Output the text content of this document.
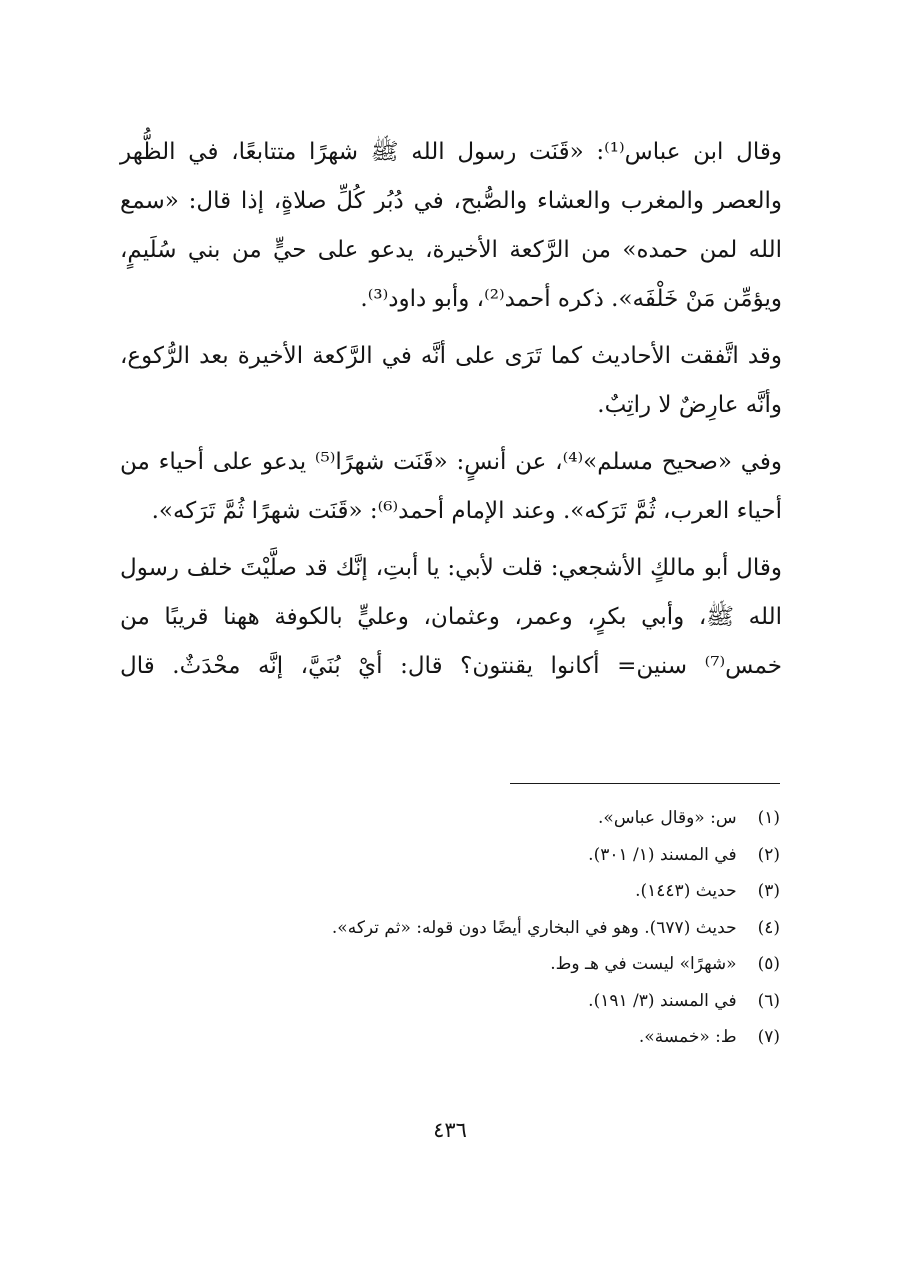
وقال ابن عباس⁽¹⁾: «قَنَت رسول الله ﷺ شهرًا متتابعًا، في الظُّهر والعصر والمغرب والعشاء والصُّبح، في دُبُر كُلِّ صلاةٍ، إذا قال: «سمع الله لمن حمده» من الرَّكعة الأخيرة، يدعو على حيٍّ من بني سُلَيمٍ، ويؤمِّن مَنْ خَلْفَه». ذكره أحمد⁽²⁾، وأبو داود⁽³⁾.

وقد اتَّفقت الأحاديث كما تَرَى على أنَّه في الرَّكعة الأخيرة بعد الرُّكوع، وأنَّه عارِضٌ لا راتِبٌ.

وفي «صحيح مسلم»⁽⁴⁾، عن أنسٍ: «قَنَت شهرًا⁽⁵⁾ يدعو على أحياء من أحياء العرب، ثُمَّ تَرَكه». وعند الإمام أحمد⁽⁶⁾: «قَنَت شهرًا ثُمَّ تَرَكه».

وقال أبو مالكٍ الأشجعي: قلت لأبي: يا أبتِ، إنَّك قد صلَّيْتَ خلف رسول الله ﷺ، وأبي بكرٍ، وعمر، وعثمان، وعليٍّ بالكوفة ههنا قريبًا من خمس⁽⁷⁾ سنين= أكانوا يقنتون؟ قال: أيْ بُنَيَّ، إنَّه محْدَثٌ. قال

(١) س: «وقال عباس».
(٢) في المسند (١/ ٣٠١).
(٣) حديث (١٤٤٣).
(٤) حديث (٦٧٧). وهو في البخاري أيضًا دون قوله: «ثم تركه».
(٥) «شهرًا» ليست في هـ وط.
(٦) في المسند (٣/ ١٩١).
(٧) ط: «خمسة».
٤٣٦
